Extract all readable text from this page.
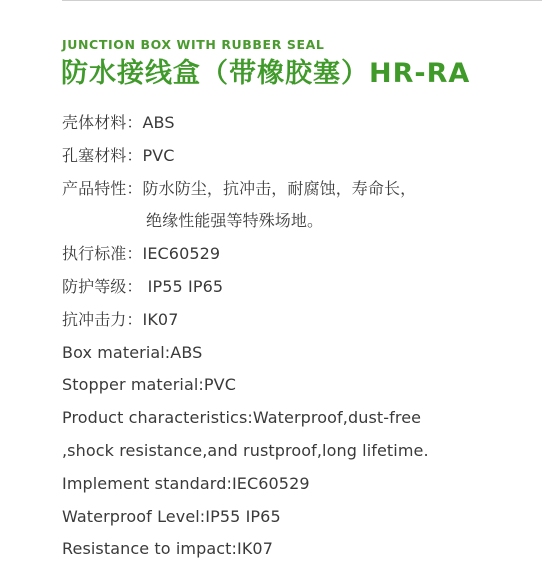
JUNCTION BOX WITH RUBBER SEAL
防水接线盒（带橡胶塞）HR-RA
壳体材料：ABS
孔塞材料：PVC
产品特性：防水防尘，抗冲击，耐腐蚀，寿命长，
绝缘性能强等特殊场地。
执行标准：IEC60529
防护等级： IP55 IP65
抗冲击力：IK07
Box material:ABS
Stopper material:PVC
Product characteristics:Waterproof,dust-free
,shock resistance,and rustproof,long lifetime.
Implement standard:IEC60529
Waterproof Level:IP55 IP65
Resistance to impact:IK07
